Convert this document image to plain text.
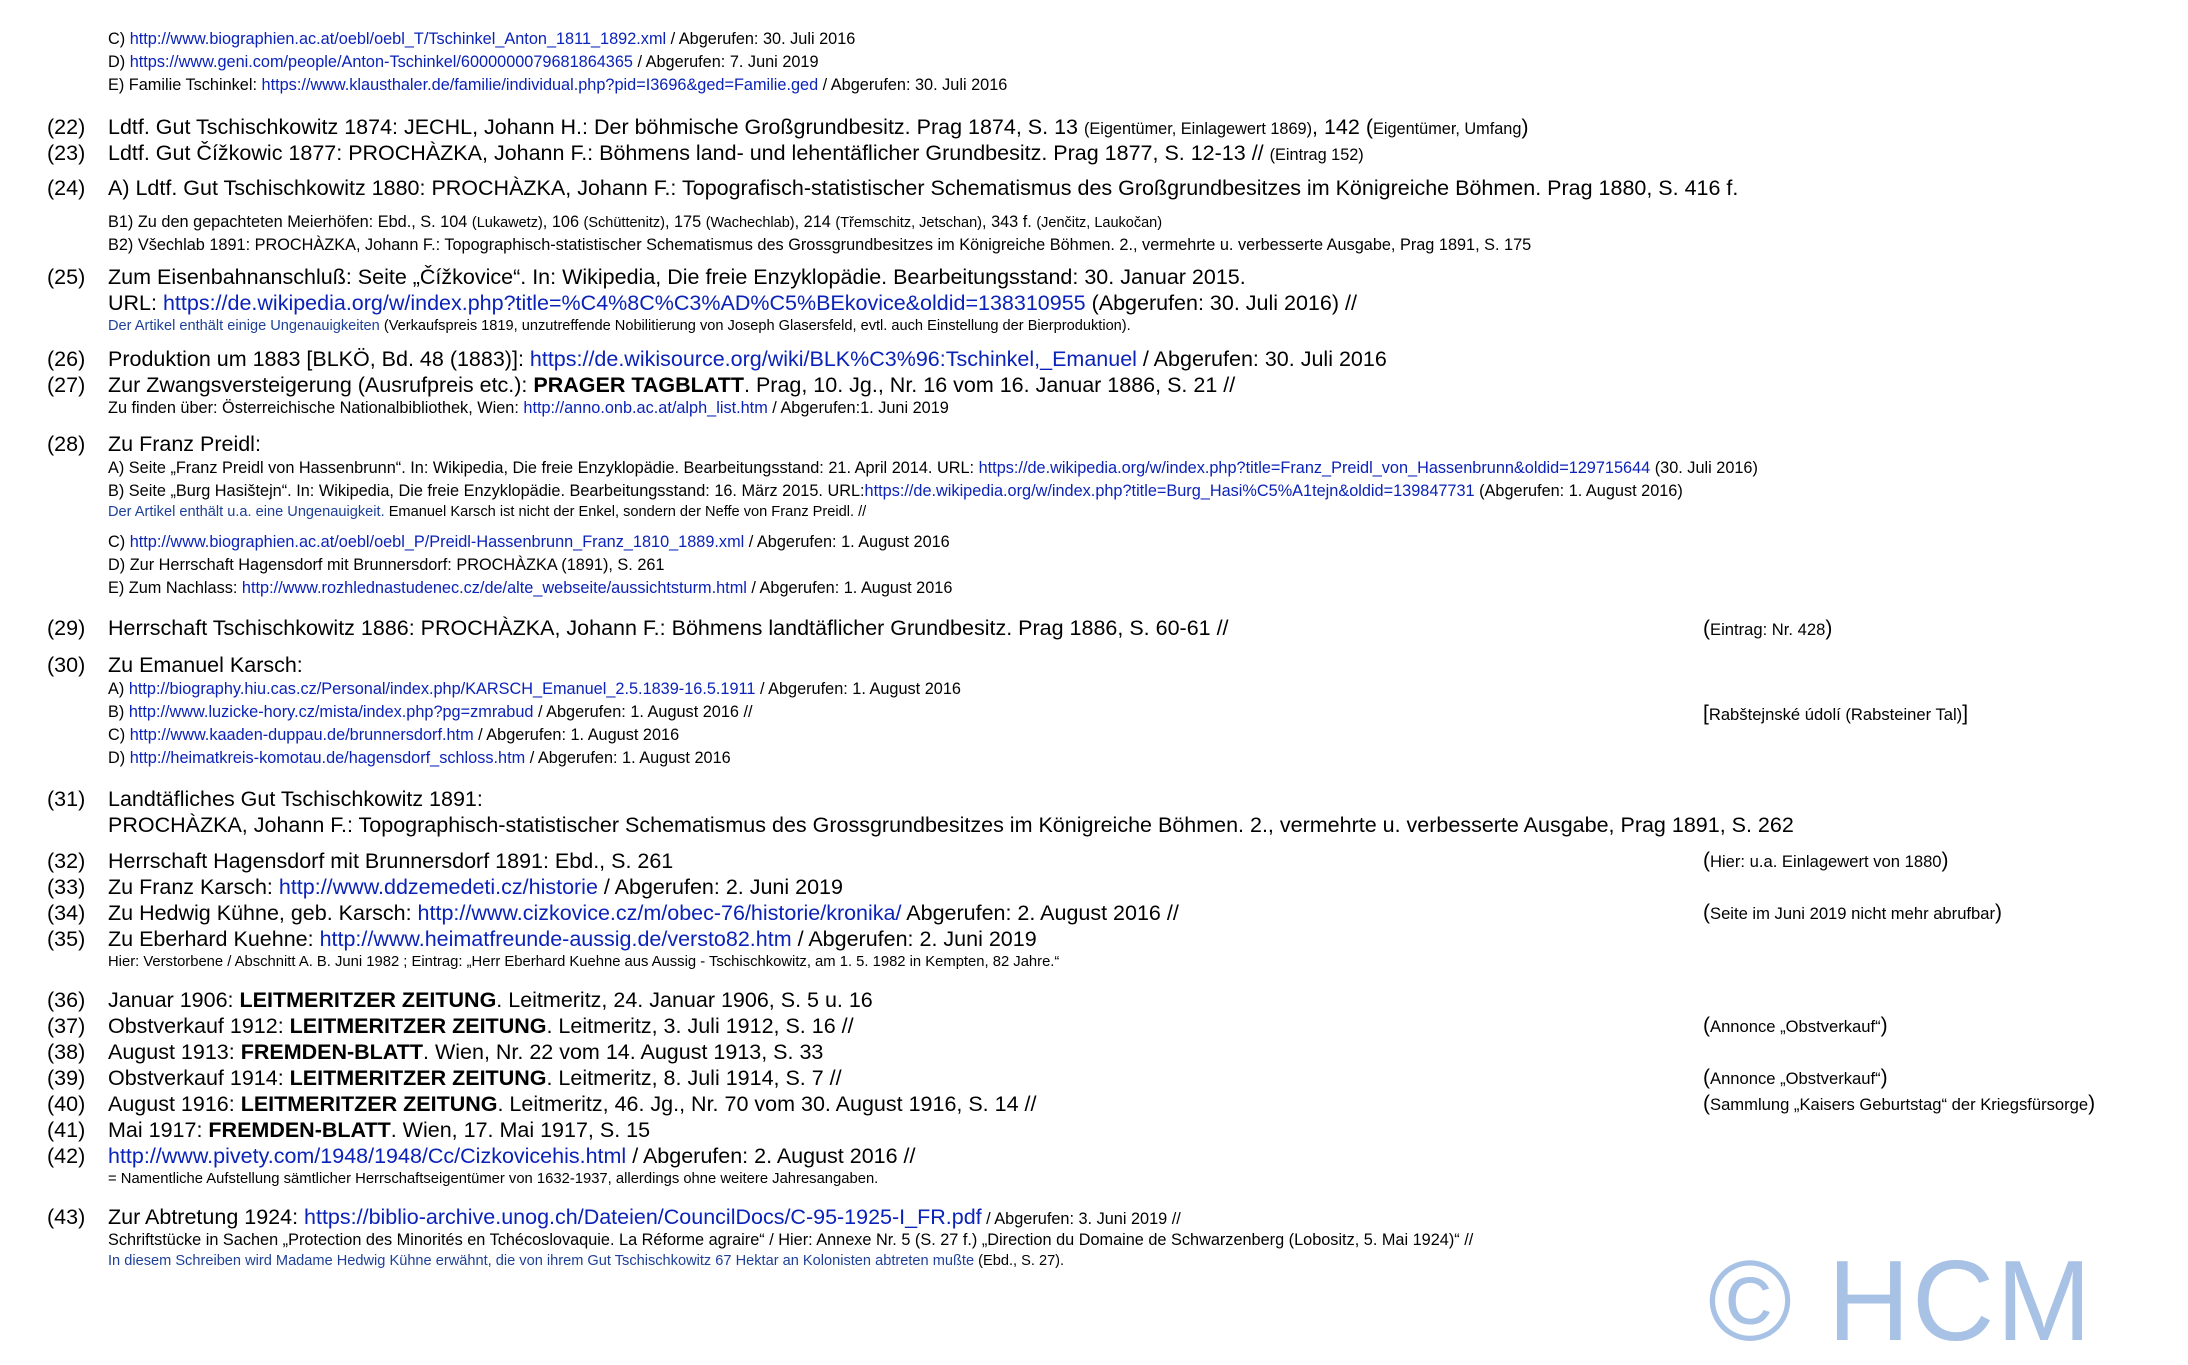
C) http://www.biographien.ac.at/oebl/oebl_T/Tschinkel_Anton_1811_1892.xml / Abgerufen: 30. Juli 2016
D) https://www.geni.com/people/Anton-Tschinkel/6000000079681864365 / Abgerufen: 7. Juni 2019
E) Familie Tschinkel: https://www.klausthaler.de/familie/individual.php?pid=I3696&ged=Familie.ged / Abgerufen: 30. Juli 2016
(22) Ldtf. Gut Tschischkowitz 1874: JECHL, Johann H.: Der böhmische Großgrundbesitz. Prag 1874, S. 13 (Eigentümer, Einlagewert 1869), 142 (Eigentümer, Umfang)
(23) Ldtf. Gut Čížkowic 1877: PROCHÀZKA, Johann F.: Böhmens land- und lehentäflicher Grundbesitz. Prag 1877, S. 12-13 // (Eintrag 152)
(24) A) Ldtf. Gut Tschischkowitz 1880: PROCHÀZKA, Johann F.: Topografisch-statistischer Schematismus des Großgrundbesitzes im Königreiche Böhmen. Prag 1880, S. 416 f.
B1) Zu den gepachteten Meierhöfen: Ebd., S. 104 (Lukawetz), 106 (Schüttenitz), 175 (Wachechlab), 214 (Třemschitz, Jetschan), 343 f. (Jenčitz, Laukočan)
B2) Všechlab 1891: PROCHÀZKA, Johann F.: Topographisch-statistischer Schematismus des Grossgrundbesitzes im Königreiche Böhmen. 2., vermehrte u. verbesserte Ausgabe, Prag 1891, S. 175
(25) Zum Eisenbahnanschluß: Seite „Čížkovice“. In: Wikipedia, Die freie Enzyklopädie. Bearbeitungsstand: 30. Januar 2015.
URL: https://de.wikipedia.org/w/index.php?title=%C4%8C%C3%AD%C5%BEkovice&oldid=138310955 (Abgerufen: 30. Juli 2016) //
Der Artikel enthält einige Ungenauigkeiten (Verkaufspreis 1819, unzutreffende Nobilitierung von Joseph Glasersfeld, evtl. auch Einstellung der Bierproduktion).
(26) Produktion um 1883 [BLKÖ, Bd. 48 (1883)]: https://de.wikisource.org/wiki/BLK%C3%96:Tschinkel,_Emanuel / Abgerufen: 30. Juli 2016
(27) Zur Zwangsversteigerung (Ausrufpreis etc.): PRAGER TAGBLATT. Prag, 10. Jg., Nr. 16 vom 16. Januar 1886, S. 21 //
Zu finden über: Österreichische Nationalbibliothek, Wien: http://anno.onb.ac.at/alph_list.htm / Abgerufen:1. Juni 2019
(28) Zu Franz Preidl:
A) Seite „Franz Preidl von Hassenbrunn“. In: Wikipedia, Die freie Enzyklopädie. Bearbeitungsstand: 21. April 2014. URL: https://de.wikipedia.org/w/index.php?title=Franz_Preidl_von_Hassenbrunn&oldid=129715644 (30. Juli 2016)
B) Seite „Burg Hasištejn“. In: Wikipedia, Die freie Enzyklopädie. Bearbeitungsstand: 16. März 2015. URL:https://de.wikipedia.org/w/index.php?title=Burg_Hasi%C5%A1tejn&oldid=139847731 (Abgerufen: 1. August 2016)
Der Artikel enthält u.a. eine Ungenauigkeit. Emanuel Karsch ist nicht der Enkel, sondern der Neffe von Franz Preidl. //
C) http://www.biographien.ac.at/oebl/oebl_P/Preidl-Hassenbrunn_Franz_1810_1889.xml / Abgerufen: 1. August 2016
D) Zur Herrschaft Hagensdorf mit Brunnersdorf: PROCHÀZKA (1891), S. 261
E) Zum Nachlass: http://www.rozhlednastudenec.cz/de/alte_webseite/aussichtsturm.html / Abgerufen: 1. August 2016
(29) Herrschaft Tschischkowitz 1886: PROCHÀZKA, Johann F.: Böhmens landtäflicher Grundbesitz. Prag 1886, S. 60-61 //	(Eintrag: Nr. 428)
(30) Zu Emanuel Karsch:
A) http://biography.hiu.cas.cz/Personal/index.php/KARSCH_Emanuel_2.5.1839-16.5.1911 / Abgerufen: 1. August 2016
B) http://www.luzicke-hory.cz/mista/index.php?pg=zmrabud / Abgerufen: 1. August 2016 //	[Rabštejnské údolí (Rabsteiner Tal)]
C) http://www.kaaden-duppau.de/brunnersdorf.htm / Abgerufen: 1. August 2016
D) http://heimatkreis-komotau.de/hagensdorf_schloss.htm / Abgerufen: 1. August 2016
(31) Landtäfliches Gut Tschischkowitz 1891:
PROCHÀZKA, Johann F.: Topographisch-statistischer Schematismus des Grossgrundbesitzes im Königreiche Böhmen. 2., vermehrte u. verbesserte Ausgabe, Prag 1891, S. 262
(32) Herrschaft Hagensdorf mit Brunnersdorf 1891: Ebd., S. 261	(Hier: u.a. Einlagewert von 1880)
(33) Zu Franz Karsch: http://www.ddzemedeti.cz/historie / Abgerufen: 2. Juni 2019
(34) Zu Hedwig Kühne, geb. Karsch: http://www.cizkovice.cz/m/obec-76/historie/kronika/ Abgerufen: 2. August 2016 //	(Seite im Juni 2019 nicht mehr abrufbar)
(35) Zu Eberhard Kuehne: http://www.heimatfreunde-aussig.de/versto82.htm / Abgerufen: 2. Juni 2019
Hier: Verstorbene / Abschnitt A. B. Juni 1982 ; Eintrag: „Herr Eberhard Kuehne aus Aussig - Tschischkowitz, am 1. 5. 1982 in Kempten, 82 Jahre.“
(36) Januar 1906: LEITMERITZER ZEITUNG. Leitmeritz, 24. Januar 1906, S. 5 u. 16
(37) Obstverkauf 1912: LEITMERITZER ZEITUNG. Leitmeritz, 3. Juli 1912, S. 16 //	(Annonce „Obstverkauf“)
(38) August 1913: FREMDEN-BLATT. Wien, Nr. 22 vom 14. August 1913, S. 33
(39) Obstverkauf 1914: LEITMERITZER ZEITUNG. Leitmeritz, 8. Juli 1914, S. 7 //	(Annonce „Obstverkauf“)
(40) August 1916: LEITMERITZER ZEITUNG. Leitmeritz, 46. Jg., Nr. 70 vom 30. August 1916, S. 14 //	(Sammlung „Kaisers Geburtstag“ der Kriegsfürsorge)
(41) Mai 1917: FREMDEN-BLATT. Wien, 17. Mai 1917, S. 15
(42) http://www.pivety.com/1948/1948/Cc/Cizkovicehis.html / Abgerufen: 2. August 2016 //
= Namentliche Aufstellung sämtlicher Herrschaftseigentümer von 1632-1937, allerdings ohne weitere Jahresangaben.
(43) Zur Abtretung 1924: https://biblio-archive.unog.ch/Dateien/CouncilDocs/C-95-1925-I_FR.pdf / Abgerufen: 3. Juni 2019 //
Schriftstücke in Sachen „Protection des Minorités en Tchécoslovaquie. La Réforme agraire“ / Hier: Annexe Nr. 5 (S. 27 f.) „Direction du Domaine de Schwarzenberg (Lobositz, 5. Mai 1924)“ //
In diesem Schreiben wird Madame Hedwig Kühne erwähnt, die von ihrem Gut Tschischkowitz 67 Hektar an Kolonisten abtreten mußte (Ebd., S. 27).	© HCM
